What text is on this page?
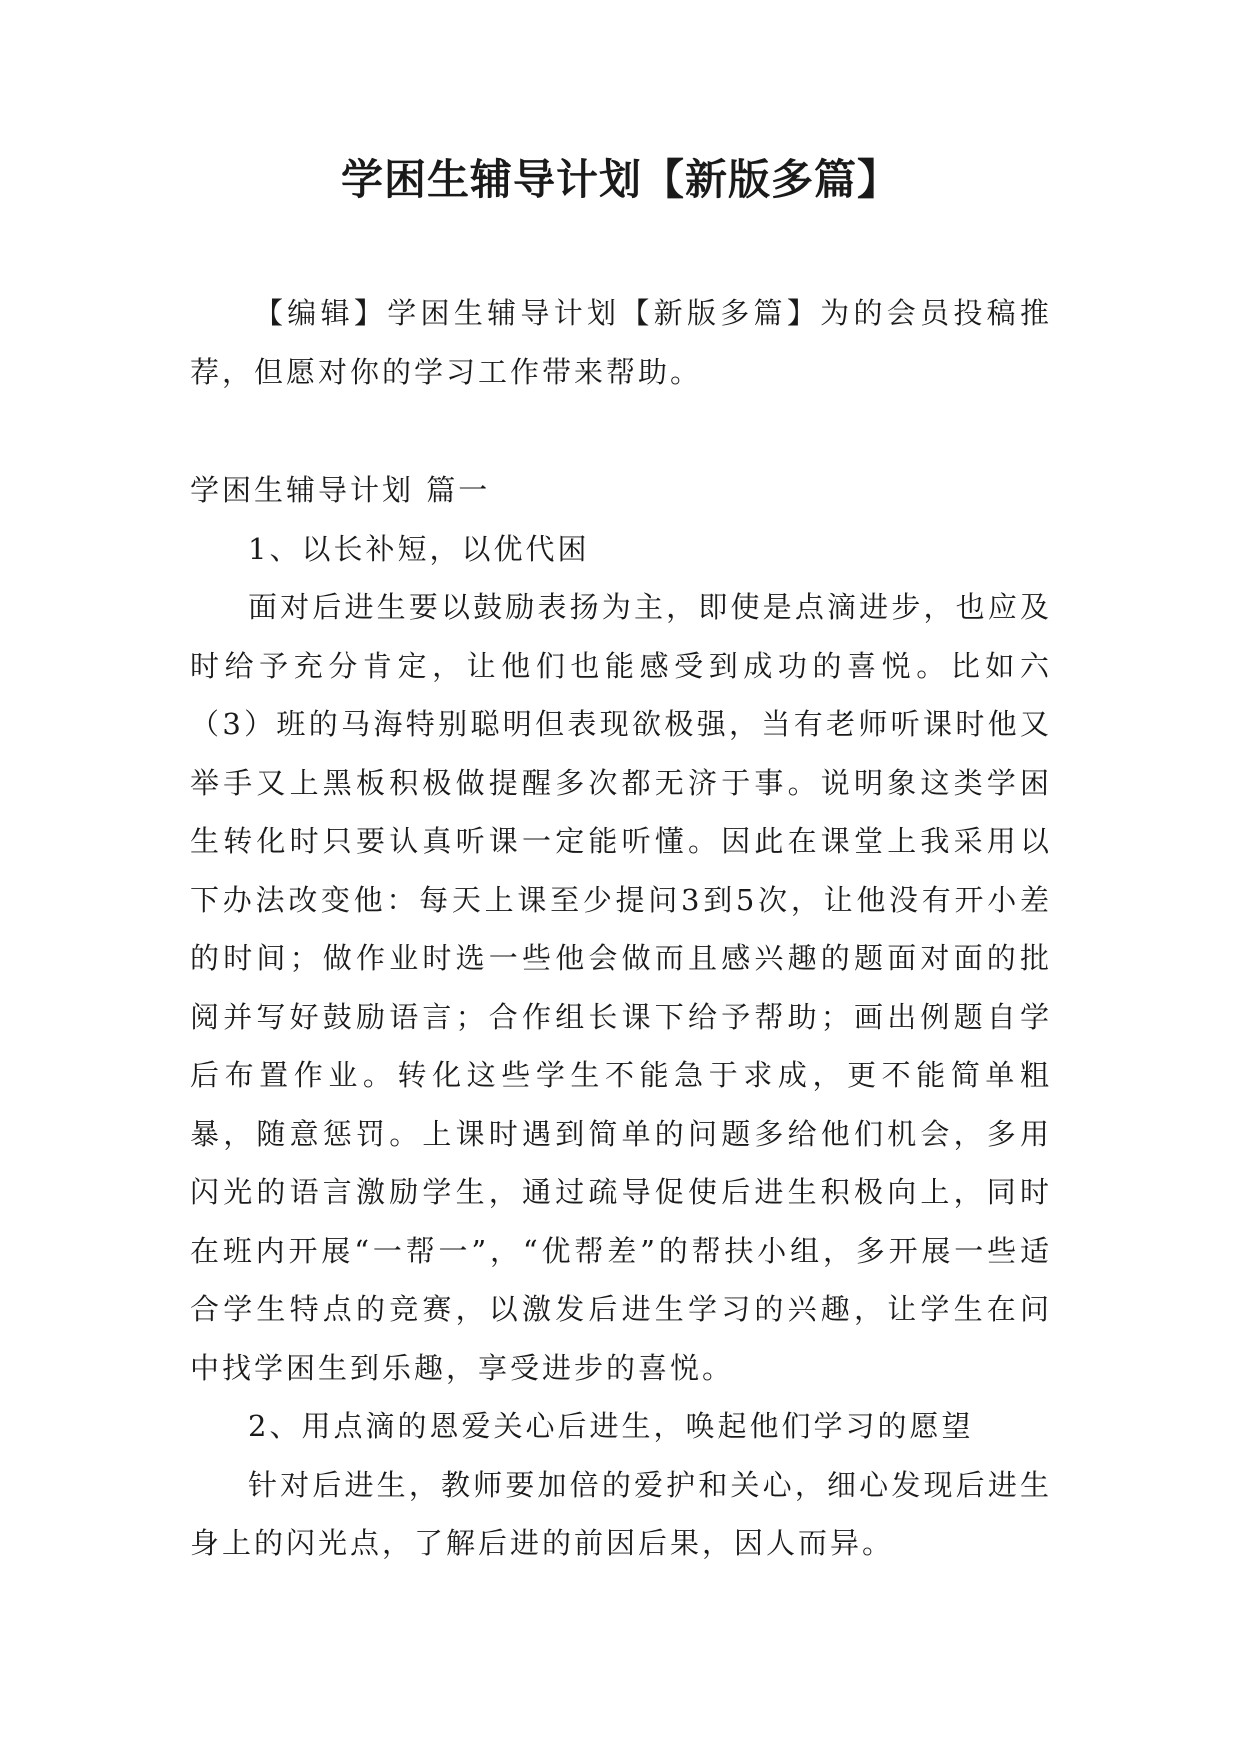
学困生辅导计划【新版多篇】

【编辑】学困生辅导计划【新版多篇】为的会员投稿推荐，但愿对你的学习工作带来帮助。

学困生辅导计划 篇一

1、以长补短，以优代困

面对后进生要以鼓励表扬为主，即使是点滴进步，也应及时给予充分肯定，让他们也能感受到成功的喜悦。比如六（3）班的马海特别聪明但表现欲极强，当有老师听课时他又举手又上黑板积极做提醒多次都无济于事。说明象这类学困生转化时只要认真听课一定能听懂。因此在课堂上我采用以下办法改变他：每天上课至少提问3到5次，让他没有开小差的时间；做作业时选一些他会做而且感兴趣的题面对面的批阅并写好鼓励语言；合作组长课下给予帮助；画出例题自学后布置作业。转化这些学生不能急于求成，更不能简单粗暴，随意惩罚。上课时遇到简单的问题多给他们机会，多用闪光的语言激励学生，通过疏导促使后进生积极向上，同时在班内开展“一帮一”，“优帮差”的帮扶小组，多开展一些适合学生特点的竞赛，以激发后进生学习的兴趣，让学生在问中找学困生到乐趣，享受进步的喜悦。

2、用点滴的恩爱关心后进生，唤起他们学习的愿望

针对后进生，教师要加倍的爱护和关心，细心发现后进生身上的闪光点，了解后进的前因后果，因人而异。
